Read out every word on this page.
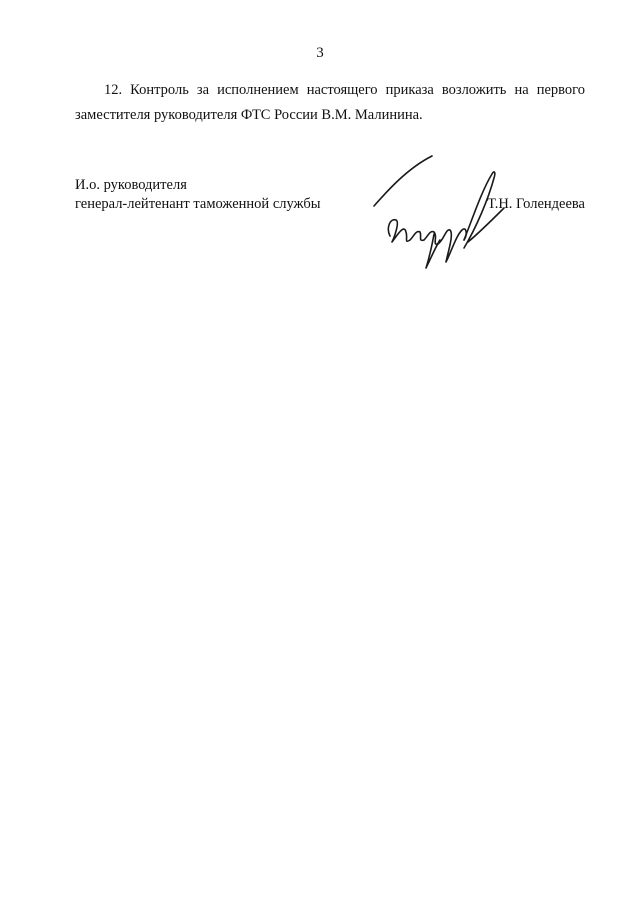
3
12. Контроль за исполнением настоящего приказа возложить на первого
заместителя руководителя ФТС России В.М. Малинина.
И.о. руководителя
генерал-лейтенант таможенной службы	Т.Н. Голендеева
